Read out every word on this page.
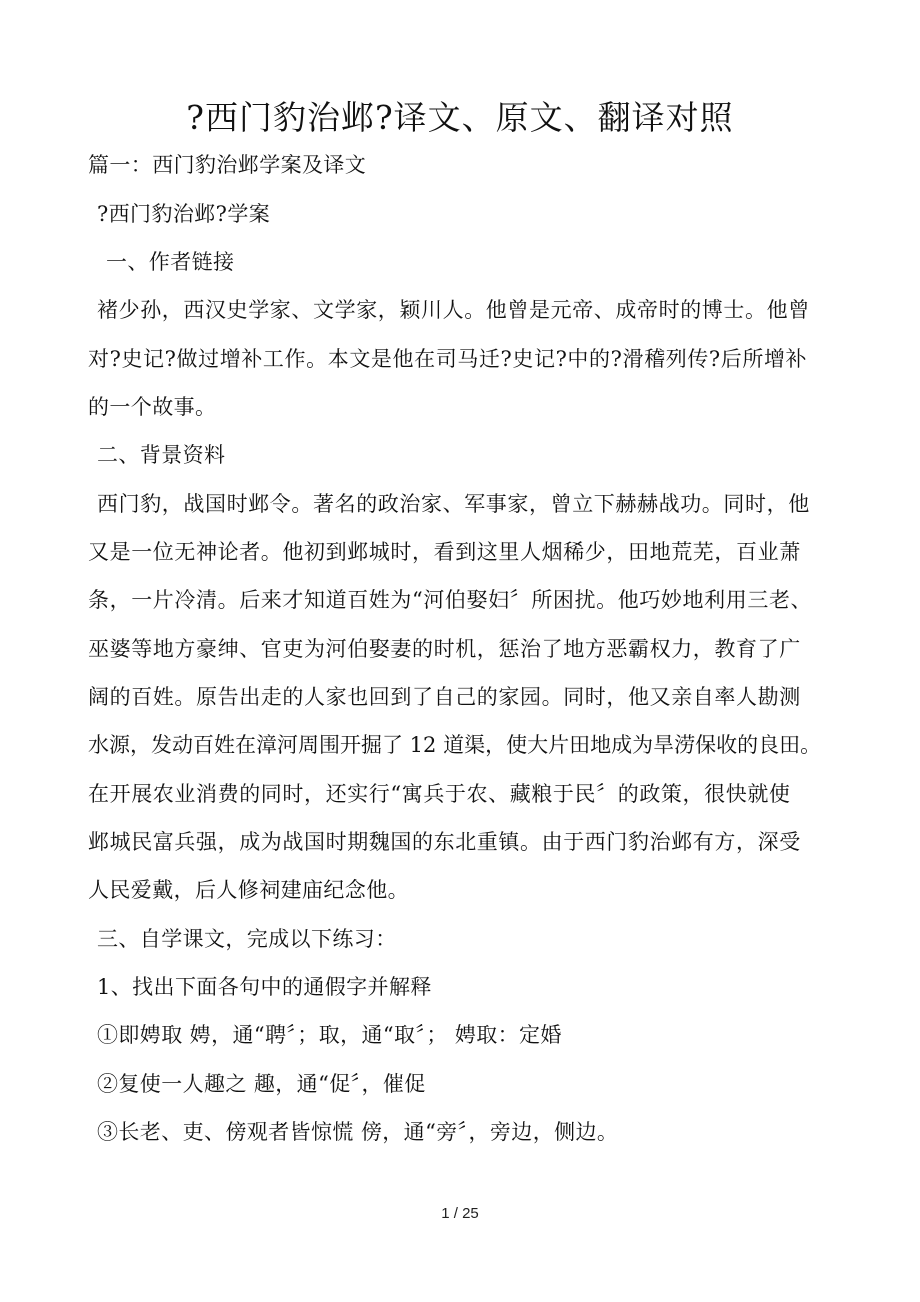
?西门豹治邺?译文、原文、翻译对照
篇一：西门豹治邺学案及译文
?西门豹治邺?学案
一、作者链接
褚少孙，西汉史学家、文学家，颖川人。他曾是元帝、成帝时的博士。他曾
对?史记?做过增补工作。本文是他在司马迁?史记?中的?滑稽列传?后所增补
的一个故事。
二、背景资料
西门豹，战国时邺令。著名的政治家、军事家，曾立下赫赫战功。同时，他
又是一位无神论者。他初到邺城时，看到这里人烟稀少，田地荒芜，百业萧
条，一片冷清。后来才知道百姓为“河伯娶妇〞所困扰。他巧妙地利用三老、
巫婆等地方豪绅、官吏为河伯娶妻的时机，惩治了地方恶霸权力，教育了广
阔的百姓。原告出走的人家也回到了自己的家园。同时，他又亲自率人勘测
水源，发动百姓在漳河周围开掘了 12 道渠，使大片田地成为旱涝保收的良田。
在开展农业消费的同时，还实行“寓兵于农、藏粮于民〞的政策，很快就使
邺城民富兵强，成为战国时期魏国的东北重镇。由于西门豹治邺有方，深受
人民爱戴，后人修祠建庙纪念他。
三、自学课文，完成以下练习：
1、找出下面各句中的通假字并解释
①即娉取 娉，通“聘〞；取，通“取〞； 娉取：定婚
②复使一人趣之 趣，通“促〞，催促
③长老、吏、傍观者皆惊慌 傍，通“旁〞，旁边，侧边。
1 / 25
